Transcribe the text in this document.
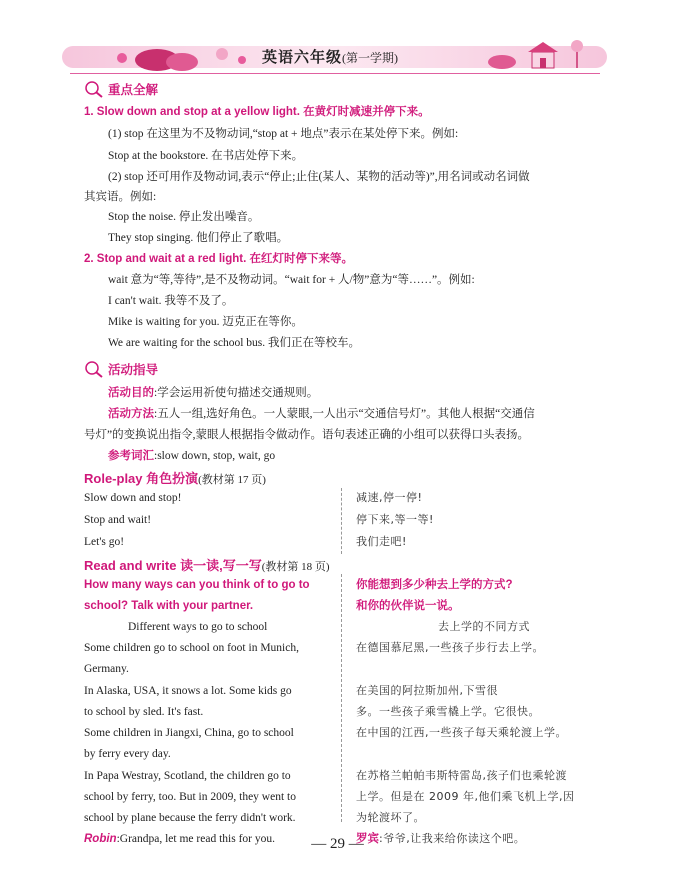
英语六年级(第一学期)
重点全解
1. Slow down and stop at a yellow light. 在黄灯时减速并停下来。
(1) stop 在这里为不及物动词,“stop at + 地点”表示在某处停下来。例如:
Stop at the bookstore. 在书店处停下来。
(2) stop 还可用作及物动词,表示“停止;止住(某人、某物的活动等)”,用名词或动名词做
其宾语。例如:
Stop the noise. 停止发出噪音。
They stop singing. 他们停止了歌唱。
2. Stop and wait at a red light. 在红灯时停下来等。
wait 意为“等,等待”,是不及物动词。“wait for + 人/物”意为“等……”。例如:
I can't wait. 我等不及了。
Mike is waiting for you. 迈克正在等你。
We are waiting for the school bus. 我们正在等校车。
活动指导
活动目的:学会运用祈使句描述交通规则。
活动方法:五人一组,选好角色。一人蒙眼,一人出示“交通信号灯”。其他人根据“交通信
号灯”的变换说出指令,蒙眼人根据指令做动作。语句表述正确的小组可以获得口头表扬。
参考词汇:slow down, stop, wait, go
Role-play 角色扮演(教材第 17 页)
Slow down and stop!
Stop and wait!
Let's go!
减速,停一停!
停下来,等一等!
我们走吧!
Read and write 读一读,写一写(教材第 18 页)
How many ways can you think of to go to
school? Talk with your partner.
你能想到多少种去上学的方式?
和你的伙伴说一说。
Different ways to go to school	去上学的不同方式
Some children go to school on foot in Munich,
Germany.
In Alaska, USA, it snows a lot. Some kids go
to school by sled. It's fast.
Some children in Jiangxi, China, go to school
by ferry every day.
In Papa Westray, Scotland, the children go to
school by ferry, too. But in 2009, they went to
school by plane because the ferry didn't work.
在德国慕尼黑,一些孩子步行去上学。
在美国的阿拉斯加州,下雪很
多。一些孩子乘雪橇上学。它很快。
在中国的江西,一些孩子每天乘轮渡上学。
在苏格兰帕帕韦斯特雷岛,孩子们也乘轮渡
上学。但是在 2009 年,他们乘飞机上学,因
为轮渡坏了。
Robin:Grandpa, let me read this for you.	罗宾:爷爷,让我来给你读这个吧。
— 29 —
